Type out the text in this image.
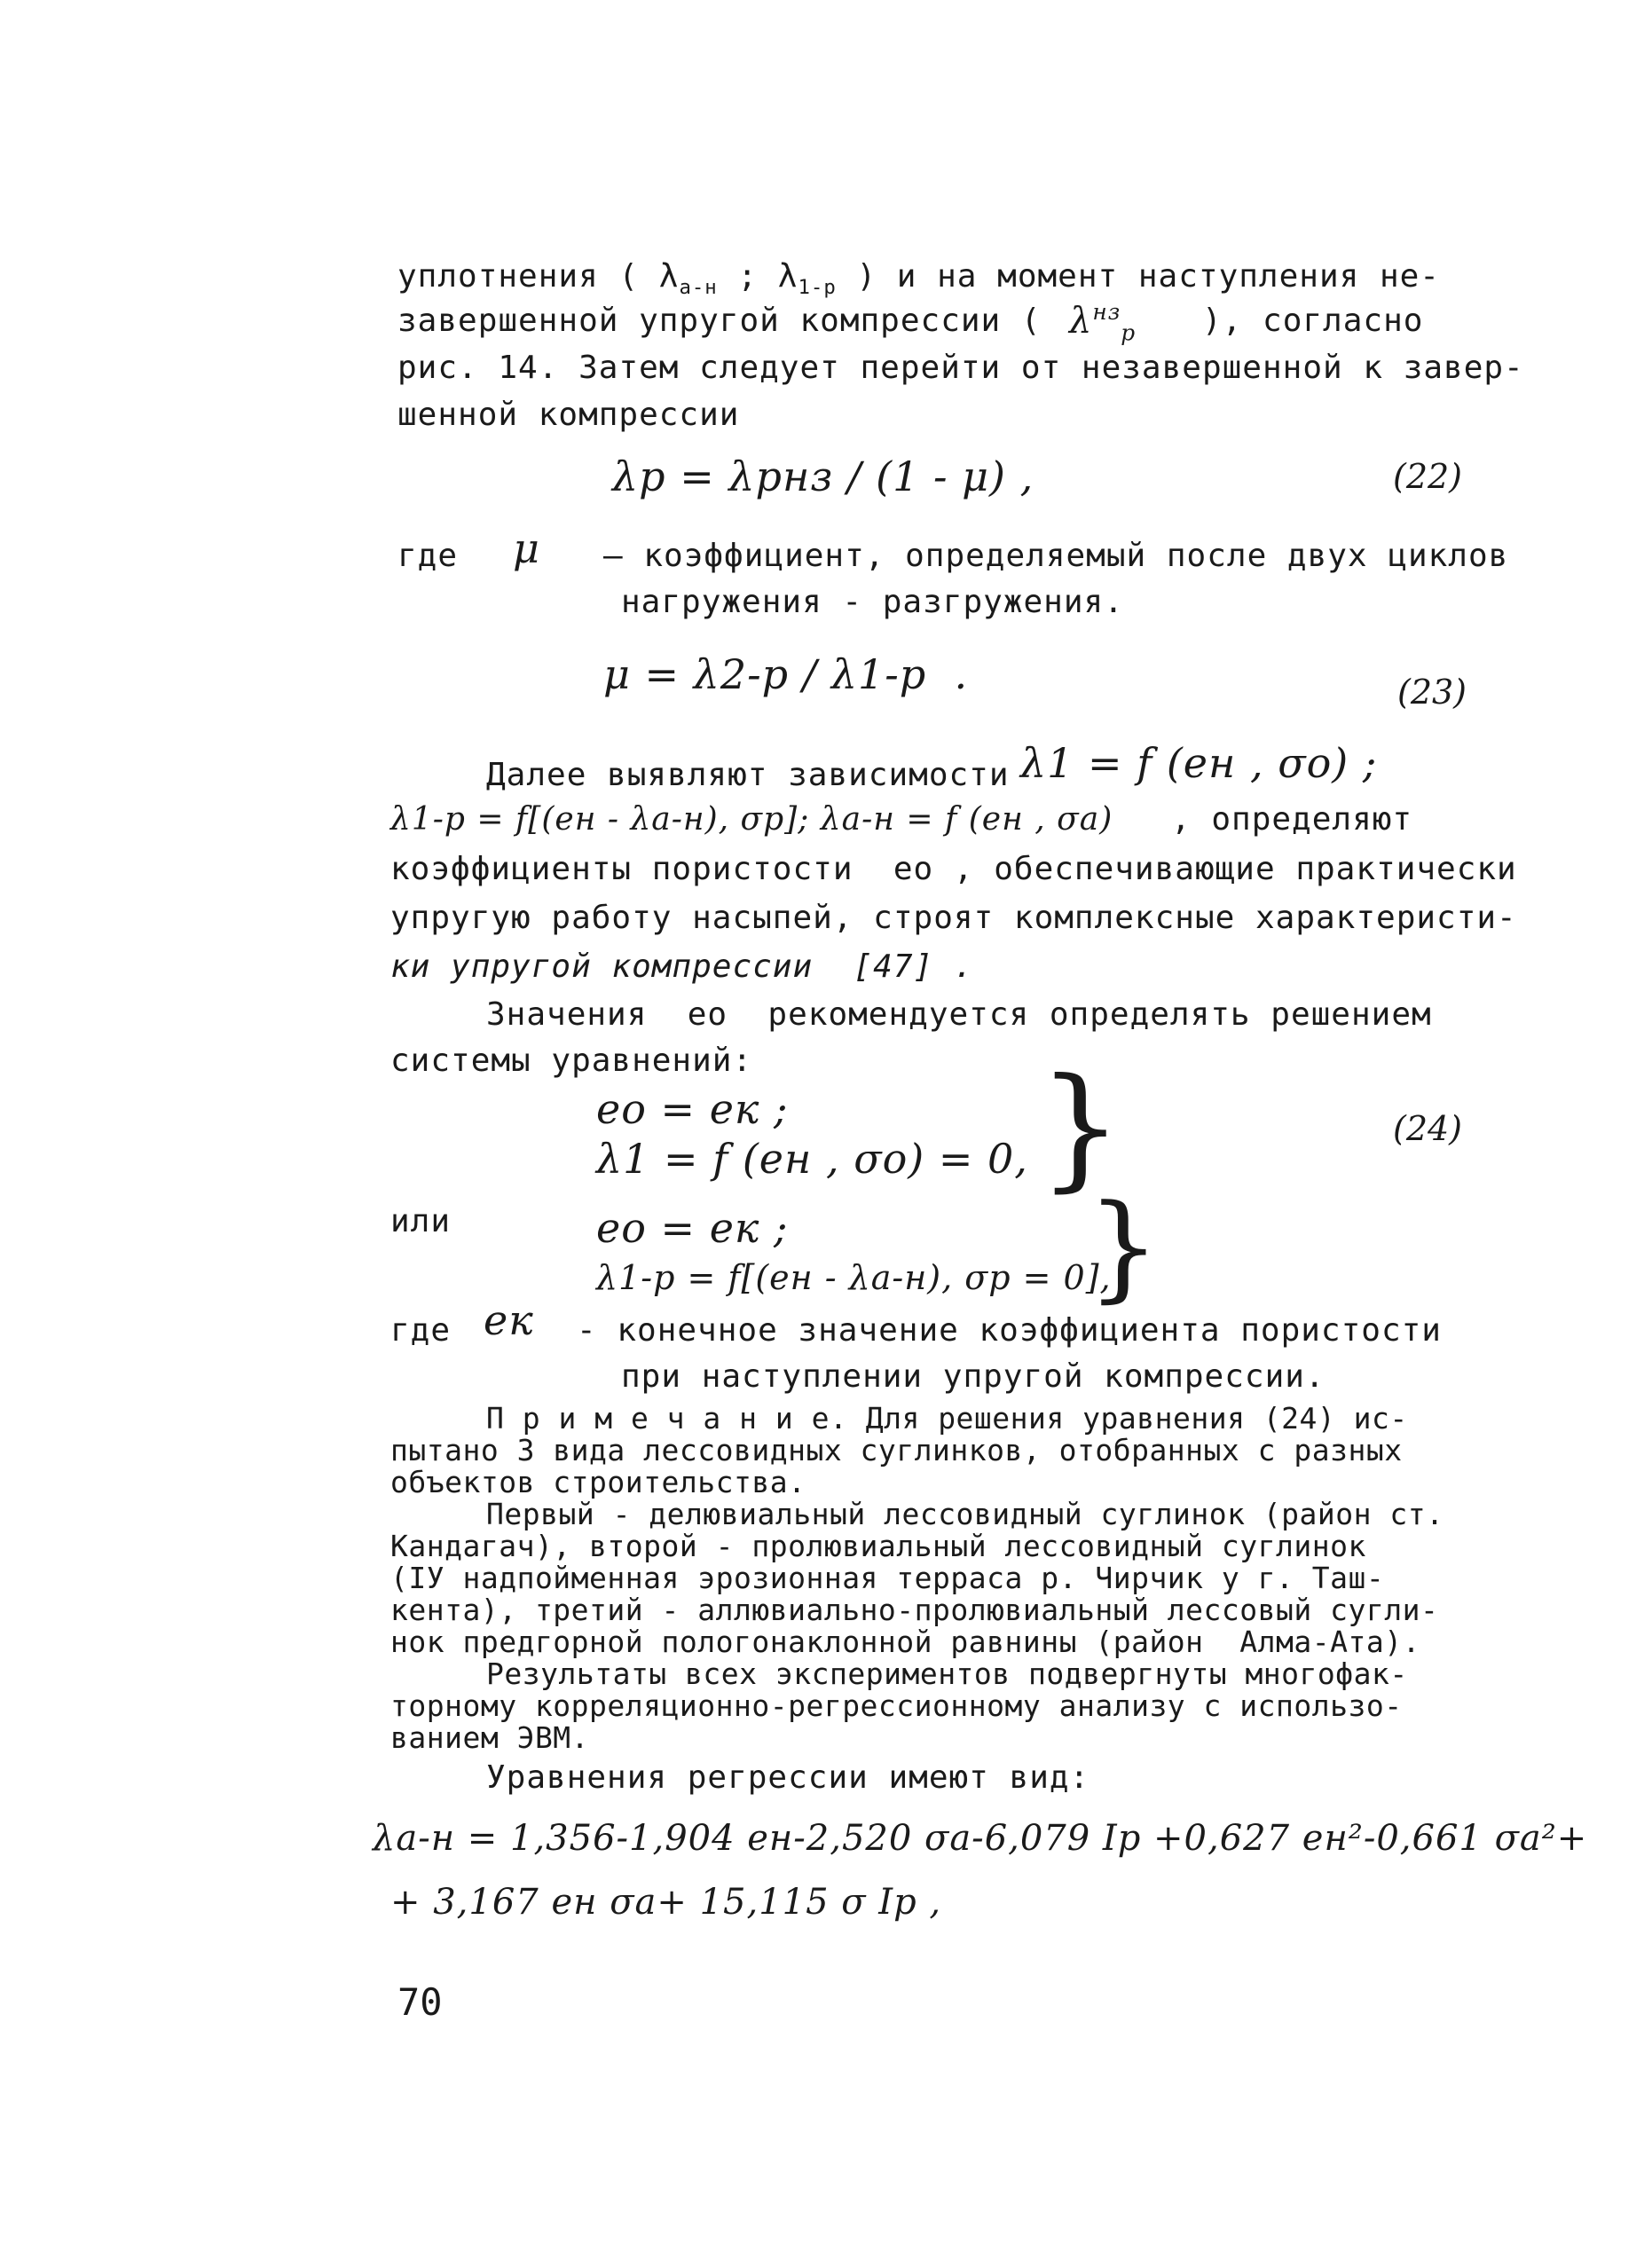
уплотнения ( $\lambda_{a-н}$ ; $\lambda_{1-р}$ ) и на момент наступления не-
завершенной упругой компрессии ( $\lambda^{нз}_р$ ), согласно
рис. 14. Затем следует перейти от незавершенной к завер-
шенной компрессии
λр = λрнз / (1 - μ) ,	(22)
где μ – коэффициент, определяемый после двух циклов
нагружения - разгружения.
μ = λ2-р / λ1-р  .	(23)
Далее выявляют зависимости λ1 = f (eн , σо) ;
λ1-р = f[(eн - λa-н), σр]; λa-н = f (eн , σa) , определяют
коэффициенты пористости  eо , обеспечивающие практически
упругую работу насыпей, строят комплексные характеристи-
ки упругой компрессии  [47] .
Значения  eо  рекомендуется определять решением
системы уравнений:
eо = eк ;
λ1 = f (eн , σо) = 0, }	(24)
или	eо = eк ;
λ1-р = f[(eн - λa-н), σр = 0],
}
где eк - конечное значение коэффициента пористости
при наступлении упругой компрессии.
П р и м е ч а н и е. Для решения уравнения (24) ис-
пытано 3 вида лессовидных суглинков, отобранных с разных
объектов строительства.
Первый - делювиальный лессовидный суглинок (район ст.
Кандагач), второй - пролювиальный лессовидный суглинок
(IУ надпойменная эрозионная терраса р. Чирчик у г. Таш-
кента), третий - аллювиально-пролювиальный лессовый сугли-
нок предгорной пологонаклонной равнины (район  Алма-Ата).
Результаты всех экспериментов подвергнуты многофак-
торному корреляционно-регрессионному анализу с использо-
ванием ЭВМ.
Уравнения регрессии имеют вид:
λa-н = 1,356-1,904 eн-2,520 σa-6,079 Iр +0,627 eн²-0,661 σa²+
+ 3,167 eн σa+ 15,115 σ Iр ,
70
